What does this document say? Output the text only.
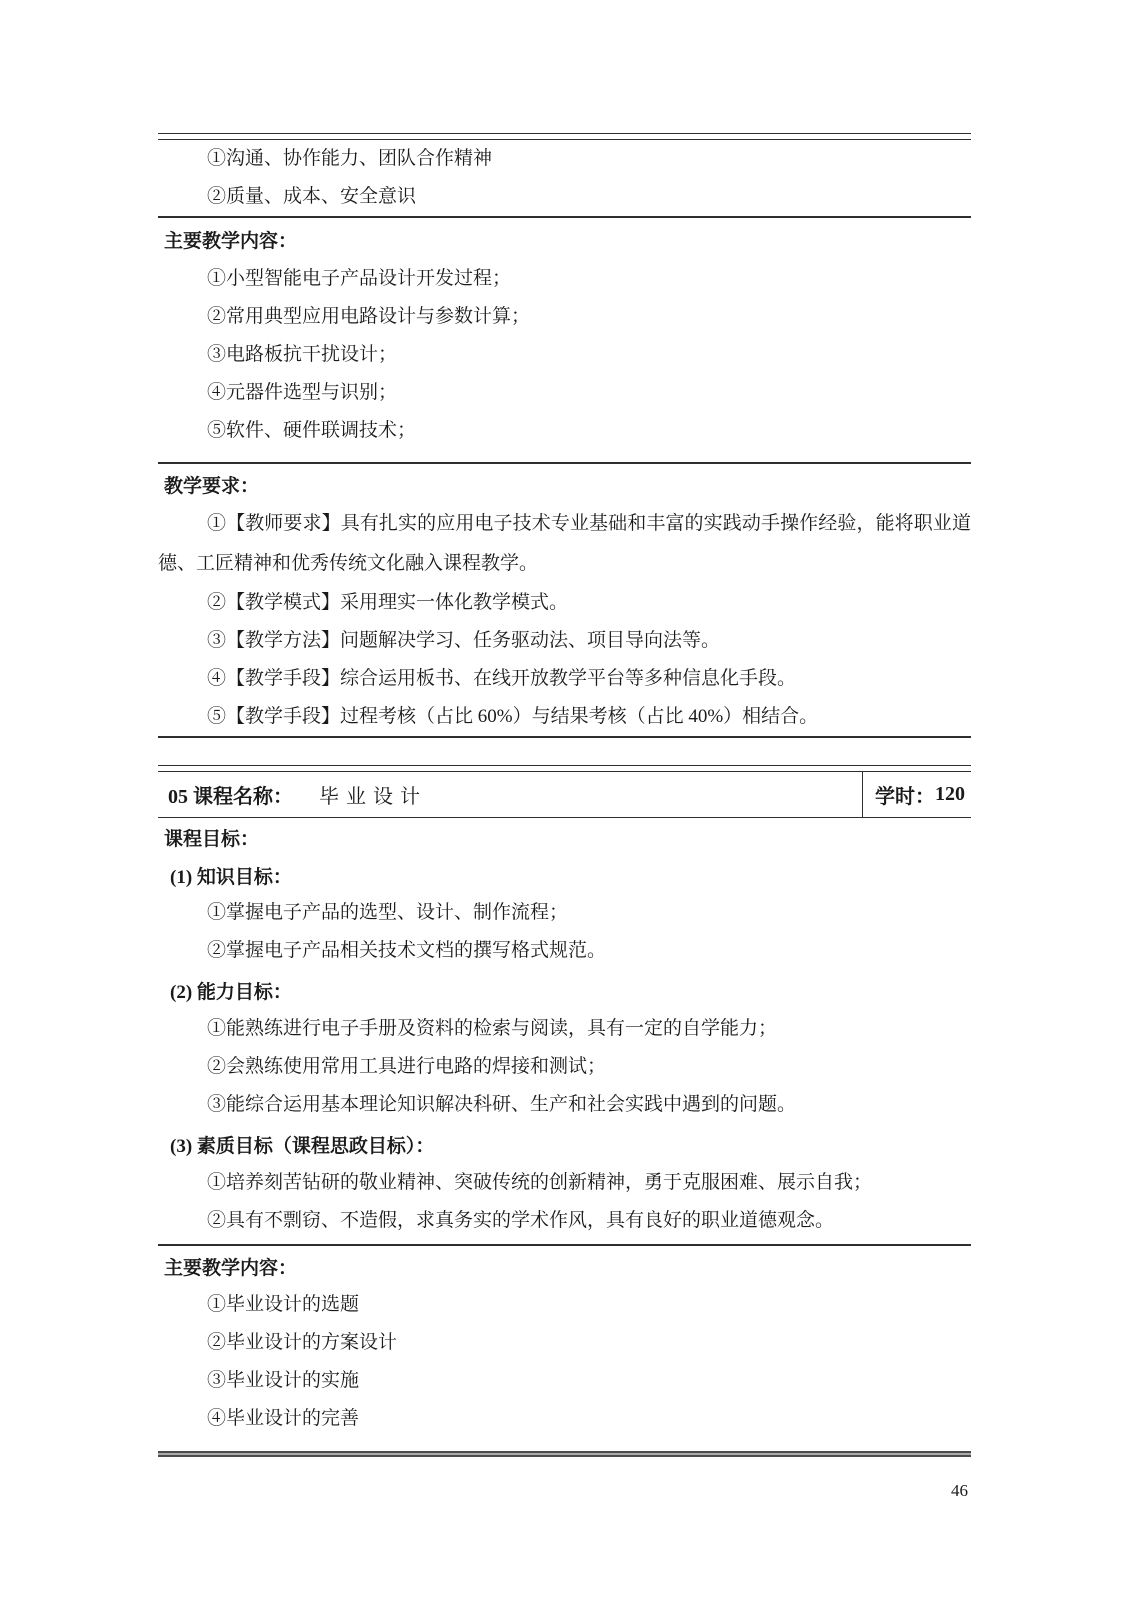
①沟通、协作能力、团队合作精神
②质量、成本、安全意识
主要教学内容：
①小型智能电子产品设计开发过程；
②常用典型应用电路设计与参数计算；
③电路板抗干扰设计；
④元器件选型与识别；
⑤软件、硬件联调技术；
教学要求：
①【教师要求】具有扎实的应用电子技术专业基础和丰富的实践动手操作经验，能将职业道德、工匠精神和优秀传统文化融入课程教学。
②【教学模式】采用理实一体化教学模式。
③【教学方法】问题解决学习、任务驱动法、项目导向法等。
④【教学手段】综合运用板书、在线开放教学平台等多种信息化手段。
⑤【教学手段】过程考核（占比 60%）与结果考核（占比 40%）相结合。
05 课程名称： 毕业设计	学时： 120
课程目标：
(1) 知识目标：
①掌握电子产品的选型、设计、制作流程；
②掌握电子产品相关技术文档的撰写格式规范。
(2) 能力目标：
①能熟练进行电子手册及资料的检索与阅读，具有一定的自学能力；
②会熟练使用常用工具进行电路的焊接和测试；
③能综合运用基本理论知识解决科研、生产和社会实践中遇到的问题。
(3) 素质目标（课程思政目标）：
①培养刻苦钻研的敬业精神、突破传统的创新精神，勇于克服困难、展示自我；
②具有不剽窃、不造假，求真务实的学术作风，具有良好的职业道德观念。
主要教学内容：
①毕业设计的选题
②毕业设计的方案设计
③毕业设计的实施
④毕业设计的完善
46
